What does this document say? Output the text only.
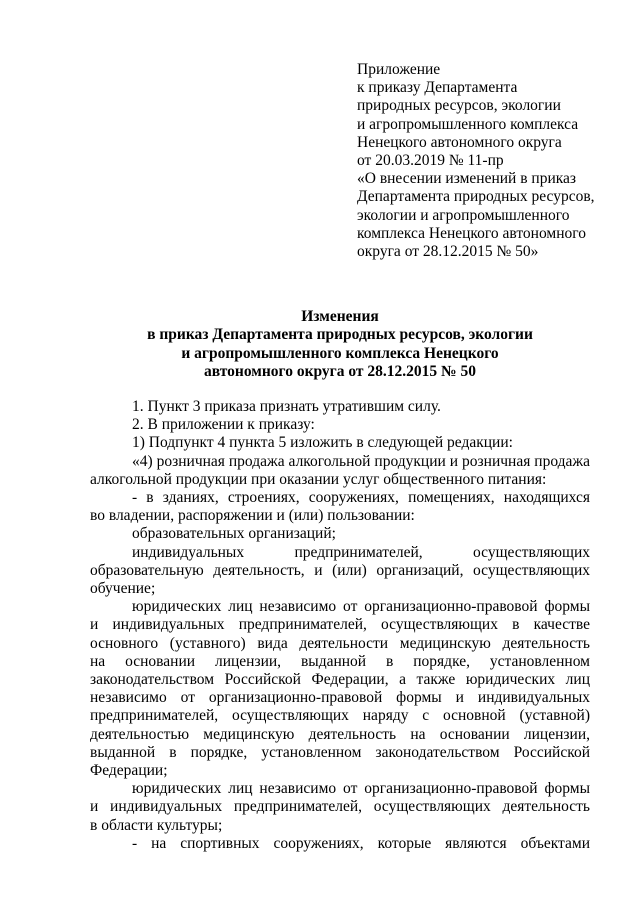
Приложение
к приказу Департамента
природных ресурсов, экологии
и агропромышленного комплекса
Ненецкого автономного округа
от 20.03.2019 № 11-пр
«О внесении изменений в приказ
Департамента природных ресурсов,
экологии и агропромышленного
комплекса Ненецкого автономного
округа от 28.12.2015 № 50»
Изменения
в приказ Департамента природных ресурсов, экологии
и агропромышленного комплекса Ненецкого
автономного округа от 28.12.2015 № 50
1. Пункт 3 приказа признать утратившим силу.
2. В приложении к приказу:
1) Подпункт 4 пункта 5 изложить в следующей редакции:
«4) розничная продажа алкогольной продукции и розничная продажа
алкогольной продукции при оказании услуг общественного питания:
- в зданиях, строениях, сооружениях, помещениях, находящихся
во владении, распоряжении и (или) пользовании:
образовательных организаций;
индивидуальных предпринимателей, осуществляющих
образовательную деятельность, и (или) организаций, осуществляющих
обучение;
юридических лиц независимо от организационно-правовой формы
и индивидуальных предпринимателей, осуществляющих в качестве
основного (уставного) вида деятельности медицинскую деятельность
на основании лицензии, выданной в порядке, установленном
законодательством Российской Федерации, а также юридических лиц
независимо от организационно-правовой формы и индивидуальных
предпринимателей, осуществляющих наряду с основной (уставной)
деятельностью медицинскую деятельность на основании лицензии,
выданной в порядке, установленном законодательством Российской
Федерации;
юридических лиц независимо от организационно-правовой формы
и индивидуальных предпринимателей, осуществляющих деятельность
в области культуры;
- на спортивных сооружениях, которые являются объектами
